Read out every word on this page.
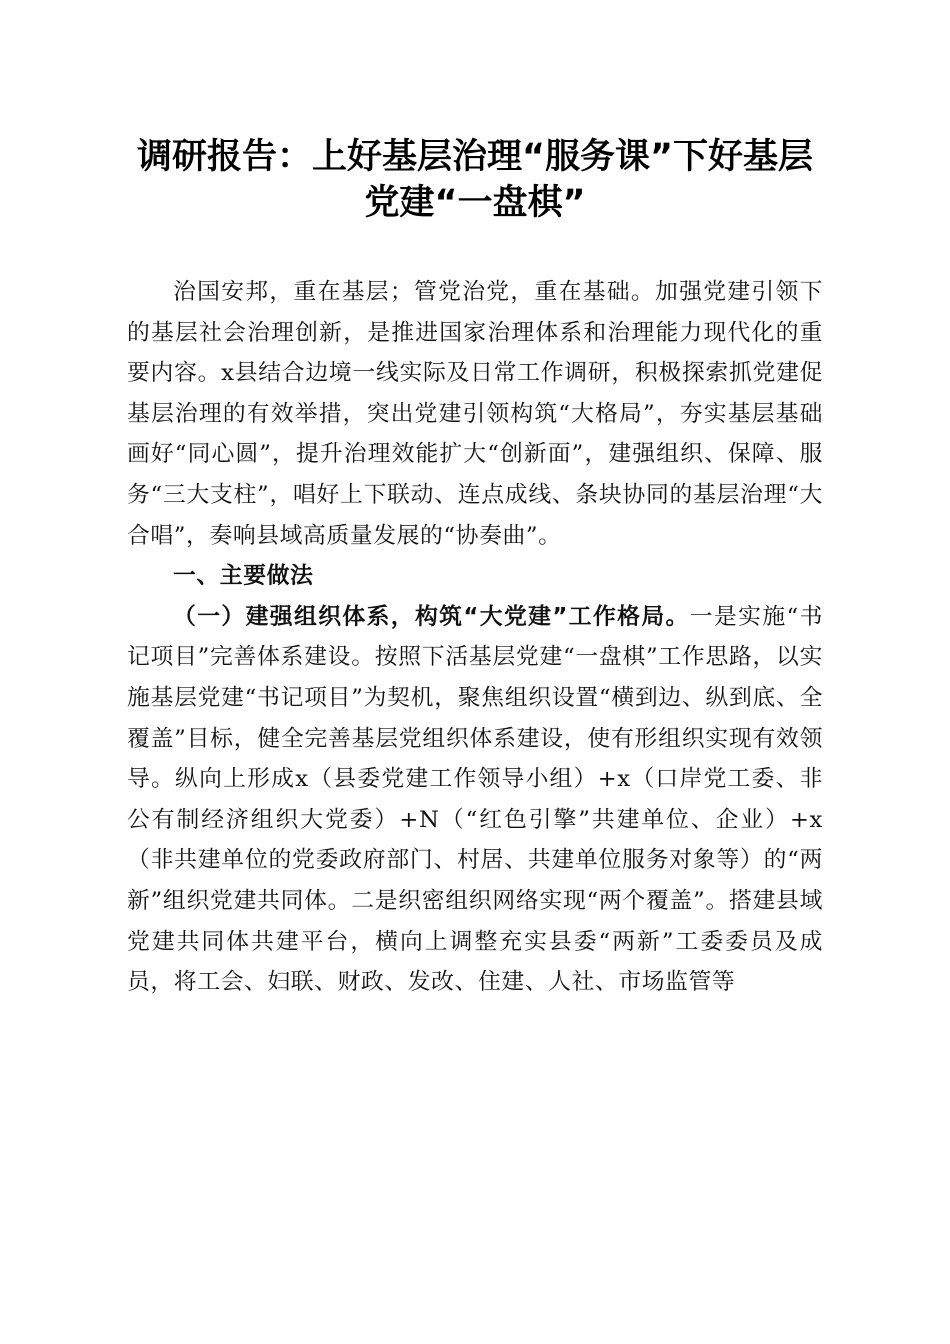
调研报告：上好基层治理“服务课”下好基层
党建“一盘棋”

治国安邦，重在基层；管党治党，重在基础。加强党建引领下的基层社会治理创新，是推进国家治理体系和治理能力现代化的重要内容。x县结合边境一线实际及日常工作调研，积极探索抓党建促基层治理的有效举措，突出党建引领构筑“大格局”，夯实基层基础画好“同心圆”，提升治理效能扩大“创新面”，建强组织、保障、服务“三大支柱”，唱好上下联动、连点成线、条块协同的基层治理“大合唱”，奏响县域高质量发展的“协奏曲”。

一、主要做法

（一）建强组织体系，构筑“大党建”工作格局。一是实施“书记项目”完善体系建设。按照下活基层党建“一盘棋”工作思路，以实施基层党建“书记项目”为契机，聚焦组织设置“横到边、纵到底、全覆盖”目标，健全完善基层党组织体系建设，使有形组织实现有效领导。纵向上形成x（县委党建工作领导小组）+x（口岸党工委、非公有制经济组织大党委）+N（“红色引擎”共建单位、企业）+x（非共建单位的党委政府部门、村居、共建单位服务对象等）的“两新”组织党建共同体。二是织密组织网络实现“两个覆盖”。搭建县域党建共同体共建平台，横向上调整充实县委“两新”工委委员及成员，将工会、妇联、财政、发改、住建、人社、市场监管等
